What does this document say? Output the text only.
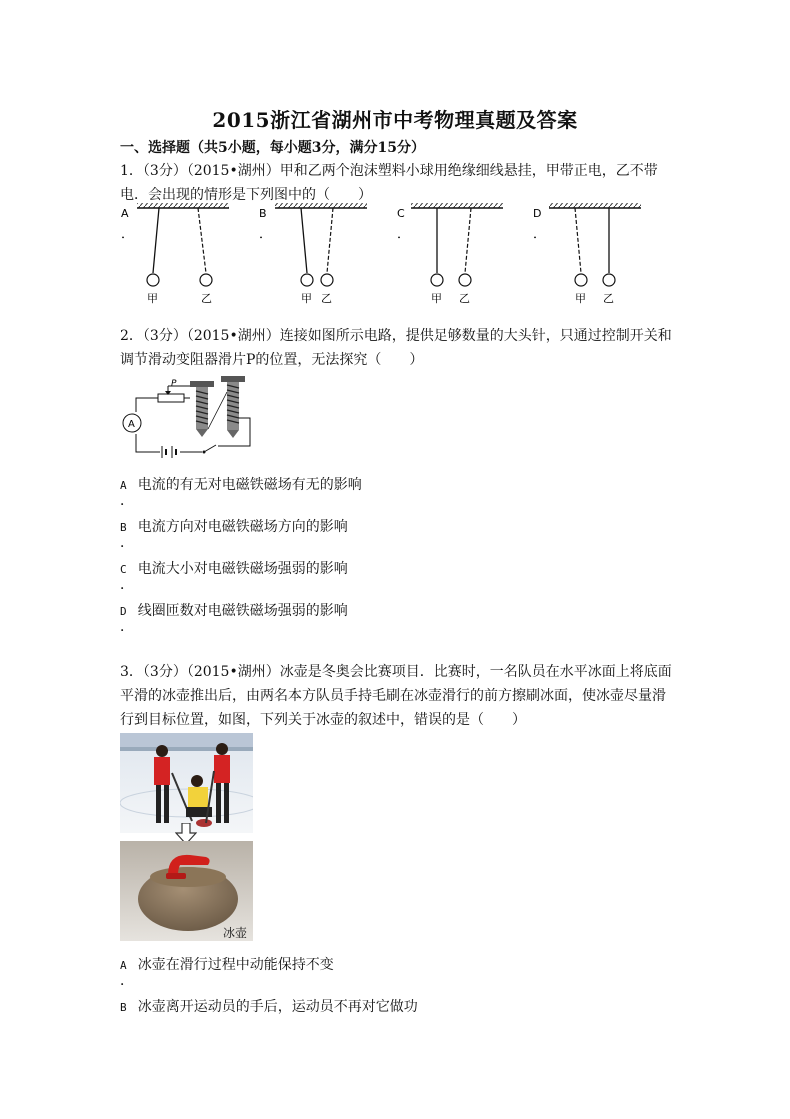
2015浙江省湖州市中考物理真题及答案
一、选择题（共5小题，每小题3分，满分15分）
1．（3分）（2015•湖州）甲和乙两个泡沫塑料小球用绝缘细线悬挂，甲带正电，乙不带
电．会出现的情形是下列图中的（　　）
A
．
甲	乙
B
．
甲 乙
C
．
甲 乙
D
．
甲 乙
2．（3分）（2015•湖州）连接如图所示电路，提供足够数量的大头针，只通过控制开关和
调节滑动变阻器滑片P的位置，无法探究（　　）
A
P
A 电流的有无对电磁铁磁场有无的影响
．
B 电流方向对电磁铁磁场方向的影响
．
C 电流大小对电磁铁磁场强弱的影响
．
D 线圈匝数对电磁铁磁场强弱的影响
．
3．（3分）（2015•湖州）冰壶是冬奥会比赛项目．比赛时，一名队员在水平冰面上将底面
平滑的冰壶推出后，由两名本方队员手持毛刷在冰壶滑行的前方擦刷冰面，使冰壶尽量滑
行到目标位置，如图，下列关于冰壶的叙述中，错误的是（　　）
冰壶
A 冰壶在滑行过程中动能保持不变
．
B 冰壶离开运动员的手后，运动员不再对它做功
